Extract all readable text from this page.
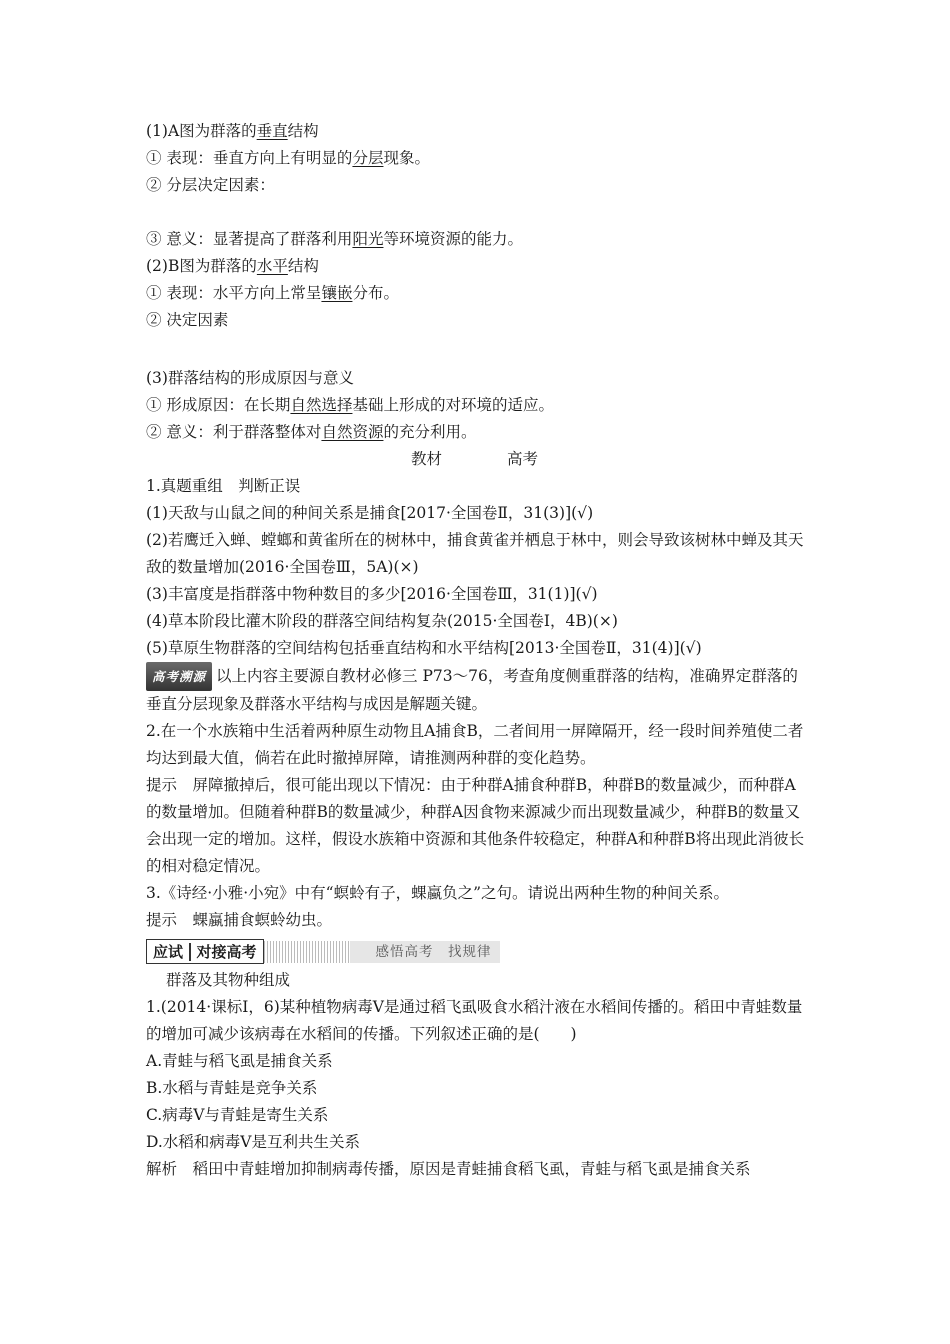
(1)A图为群落的垂直结构
① 表现：垂直方向上有明显的分层现象。
② 分层决定因素：
③ 意义：显著提高了群落利用阳光等环境资源的能力。
(2)B图为群落的水平结构
① 表现：水平方向上常呈镶嵌分布。
② 决定因素
(3)群落结构的形成原因与意义
① 形成原因：在长期自然选择基础上形成的对环境的适应。
② 意义：利于群落整体对自然资源的充分利用。
教材	高考
1.真题重组　判断正误
(1)天敌与山鼠之间的种间关系是捕食[2017·全国卷Ⅱ，31(3)](√)
(2)若鹰迁入蝉、螳螂和黄雀所在的树林中，捕食黄雀并栖息于林中，则会导致该树林中蝉及其天敌的数量增加(2016·全国卷Ⅲ，5A)(×)
(3)丰富度是指群落中物种数目的多少[2016·全国卷Ⅲ，31(1)](√)
(4)草本阶段比灌木阶段的群落空间结构复杂(2015·全国卷Ⅰ，4B)(×)
(5)草原生物群落的空间结构包括垂直结构和水平结构[2013·全国卷Ⅱ，31(4)](√)
高考溯源 以上内容主要源自教材必修三 P73～76，考查角度侧重群落的结构，准确界定群落的垂直分层现象及群落水平结构与成因是解题关键。
2.在一个水族箱中生活着两种原生动物且A捕食B，二者间用一屏障隔开，经一段时间养殖使二者均达到最大值，倘若在此时撤掉屏障，请推测两种群的变化趋势。
提示　屏障撤掉后，很可能出现以下情况：由于种群A捕食种群B，种群B的数量减少，而种群A的数量增加。但随着种群B的数量减少，种群A因食物来源减少而出现数量减少，种群B的数量又会出现一定的增加。这样，假设水族箱中资源和其他条件较稳定，种群A和种群B将出现此消彼长的相对稳定情况。
3.《诗经·小雅·小宛》中有“螟蛉有子，蜾蠃负之”之句。请说出两种生物的种间关系。
提示　蜾蠃捕食螟蛉幼虫。
应试 对接高考	感悟高考　找规律
群落及其物种组成
1.(2014·课标Ⅰ，6)某种植物病毒V是通过稻飞虱吸食水稻汁液在水稻间传播的。稻田中青蛙数量的增加可减少该病毒在水稻间的传播。下列叙述正确的是(　　)
A.青蛙与稻飞虱是捕食关系
B.水稻与青蛙是竞争关系
C.病毒V与青蛙是寄生关系
D.水稻和病毒V是互利共生关系
解析　稻田中青蛙增加抑制病毒传播，原因是青蛙捕食稻飞虱，青蛙与稻飞虱是捕食关系
